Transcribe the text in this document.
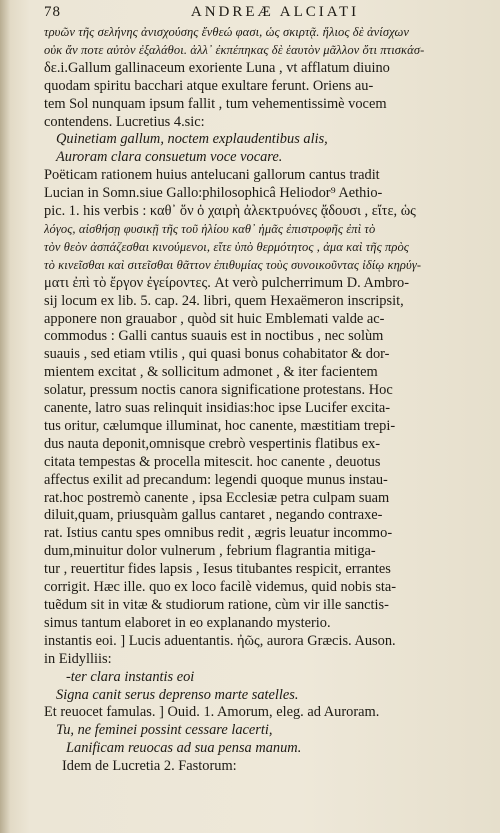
78	ANDREÆ ALCIATI
τρυῶν τῆς σελήνης ἀνισχούσης ἔνθεώ φασι, ὡς σκιρτᾷ. ἥλιος δὲ ἀνίσχων
οὐκ ἄν ποτε αὐτὸν ἐξαλάθοι. ἀλλ᾽ ἐκπέπηκας δὲ ἑαυτὸν μᾶλλον ὅτι πτισκάσ-
δε.i.Gallum gallinaceum exoriente Luna , vt afflatum diuino
quodam spiritu bacchari atque exultare ferunt. Oriens au-
tem Sol nunquam ipsum fallit , tum vehementissimè vocem
contendens. Lucretius 4.sic:
Quinetiam gallum, noctem explaudentibus alis,
Auroram clara consuetum voce vocare.
Poëticam rationem huius antelucani gallorum cantus tradit
Lucian in Somn.siue Gallo:philosophicâ Heliodor⁹ Aethio-
pic. 1. his verbis : καθ᾽ ὅν ὁ χαιρὴ ἀλεκτρυόνες ᾄδουσι , εἴτε, ὡς
λόγος, αἰσθήσῃ φυσικῇ τῆς τοῦ ἡλίου καθ᾽ ἡμᾶς ἐπιστροφῆς ἐπὶ τὸ
τὸν θεὸν ἀσπάζεσθαι κινούμενοι, εἴτε ὑπὸ θερμότητος , ἀμα καὶ τῆς πρὸς
τὸ κινεῖσθαι καὶ σιτεῖσθαι θᾶττον ἐπιθυμίας τοὺς συνοικοῦντας ἰδίῳ κηρύγ-
ματι ἐπὶ τὸ ἔργον ἐγείροντες. At verò pulcherrimum D. Ambro-
sij locum ex lib. 5. cap. 24. libri, quem Hexaëmeron inscripsit,
apponere non grauabor , quòd sit huic Emblemati valde ac-
commodus : Galli cantus suauis est in noctibus , nec solùm
suauis , sed etiam vtilis , qui quasi bonus cohabitator & dor-
mientem excitat , & sollicitum admonet , & iter facientem
solatur, pressum noctis canora significatione protestans. Hoc
canente, latro suas relinquit insidias:hoc ipse Lucifer excita-
tus oritur, cælumque illuminat, hoc canente, mæstitiam trepi-
dus nauta deponit,omnisque crebrò vespertinis flatibus ex-
citata tempestas & procella mitescit. hoc canente , deuotus
affectus exilit ad precandum: legendi quoque munus instau-
rat.hoc postremò canente , ipsa Ecclesiæ petra culpam suam
diluit,quam, priusquàm gallus cantaret , negando contraxe-
rat. Istius cantu spes omnibus redit , ægris leuatur incommo-
dum,minuitur dolor vulnerum , febrium flagrantia mitiga-
tur , reuertitur fides lapsis , Iesus titubantes respicit, errantes
corrigit. Hæc ille. quo ex loco facilè videmus, quid nobis sta-
tuẽdum sit in vitæ & studiorum ratione, cùm vir ille sanctis-
simus tantum elaboret in eo explanando mysterio.
instantis eoi. ] Lucis aduentantis. ἠῶς, aurora Græcis. Auson.
in Eidylliis:
-ter clara instantis eoi
Signa canit serus deprenso marte satelles.
Et reuocet famulas. ] Ouid. 1. Amorum, eleg. ad Auroram.
Tu, ne feminei possint cessare lacerti,
Lanificam reuocas ad sua pensa manum.
Idem de Lucretia 2. Fastorum:
